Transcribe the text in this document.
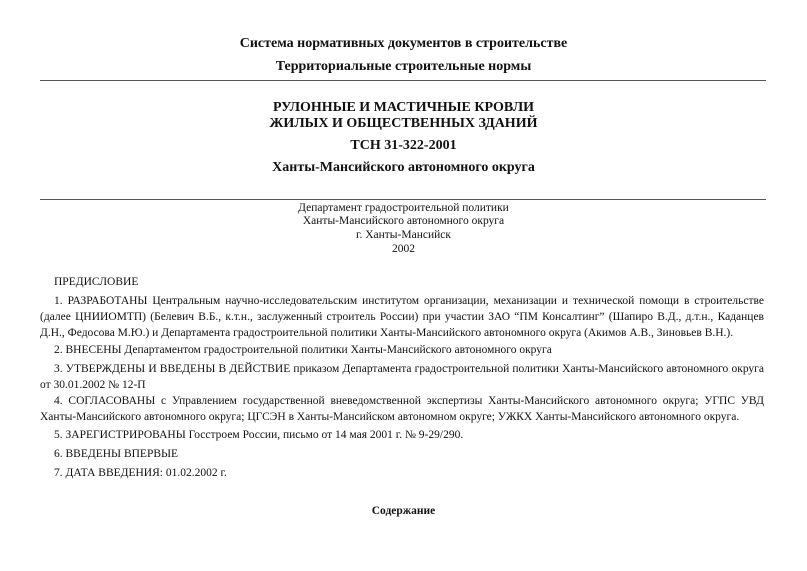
Система нормативных документов в строительстве
Территориальные строительные нормы
РУЛОННЫЕ И МАСТИЧНЫЕ КРОВЛИ
ЖИЛЫХ И ОБЩЕСТВЕННЫХ ЗДАНИЙ
ТСН 31-322-2001
Ханты-Мансийского автономного округа
Департамент градостроительной политики
Ханты-Мансийского автономного округа
г. Ханты-Мансийск
2002

ПРЕДИСЛОВИЕ

1. РАЗРАБОТАНЫ Центральным научно-исследовательским институтом организации, механизации и технической помощи в строительстве (далее ЦНИИОМТП) (Белевич В.Б., к.т.н., заслуженный строитель России) при участии ЗАО “ПМ Консалтинг” (Шапиро В.Д., д.т.н., Каданцев Д.Н., Федосова М.Ю.) и Департамента градостроительной политики Ханты-Мансийского автономного округа (Акимов А.В., Зиновьев В.Н.).

2. ВНЕСЕНЫ Департаментом градостроительной политики Ханты-Мансийского автономного округа

3. УТВЕРЖДЕНЫ И ВВЕДЕНЫ В ДЕЙСТВИЕ приказом Департамента градостроительной политики Ханты-Мансийского автономного округа от 30.01.2002 № 12-П

4. СОГЛАСОВАНЫ с Управлением государственной вневедомственной экспертизы Ханты-Мансийского автономного округа; УГПС УВД Ханты-Мансийского автономного округа; ЦГСЭН в Ханты-Мансийском автономном округе; УЖКХ Ханты-Мансийского автономного округа.

5. ЗАРЕГИСТРИРОВАНЫ Госстроем России, письмо от 14 мая 2001 г. № 9-29/290.

6. ВВЕДЕНЫ ВПЕРВЫЕ

7. ДАТА ВВЕДЕНИЯ: 01.02.2002 г.

Содержание
